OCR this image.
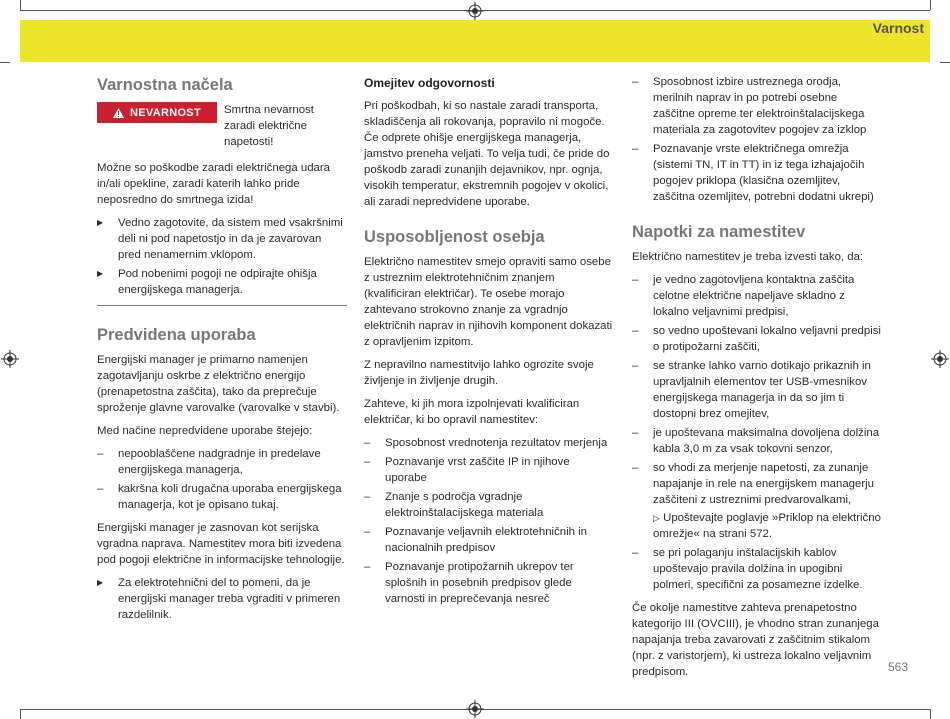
Varnost
Varnostna načela
NEVARNOST Smrtna nevarnost zaradi električne napetosti!

Možne so poškodbe zaradi električnega udara in/ali opekline, zaradi katerih lahko pride neposredno do smrtnega izida!

▶	Vedno zagotovite, da sistem med vsakršnimi deli ni pod napetostjo in da je zavarovan pred nenamernim vklopom.
▶	Pod nobenimi pogoji ne odpirajte ohišja energijskega managerja.
Predvidena uporaba

Energijski manager je primarno namenjen zagotavljanju oskrbe z električno energijo (prenapetostna zaščita), tako da preprečuje sproženje glavne varovalke (varovalke v stavbi).

Med načine nepredvidene uporabe štejejo:

–	nepooblaščene nadgradnje in predelave energijskega managerja,
–	kakršna koli drugačna uporaba energijskega managerja, kot je opisano tukaj.

Energijski manager je zasnovan kot serijska vgradna naprava. Namestitev mora biti izvedena pod pogoji električne in informacijske tehnologije.

▶	Za elektrotehnični del to pomeni, da je energijski manager treba vgraditi v primeren razdelilnik.
Omejitev odgovornosti

Pri poškodbah, ki so nastale zaradi transporta, skladiščenja ali rokovanja, popravilo ni mogoče. Če odprete ohišje energijskega managerja, jamstvo preneha veljati. To velja tudi, če pride do poškodb zaradi zunanjih dejavnikov, npr. ognja, visokih temperatur, ekstremnih pogojev v okolici, ali zaradi nepredvidene uporabe.

Usposobljenost osebja

Električno namestitev smejo opraviti samo osebe z ustreznim elektrotehničnim znanjem (kvalificiran električar). Te osebe morajo zahtevano strokovno znanje za vgradnjo električnih naprav in njihovih komponent dokazati z opravljenim izpitom.

Z nepravilno namestitvijo lahko ogrozite svoje življenje in življenje drugih.

Zahteve, ki jih mora izpolnjevati kvalificiran električar, ki bo opravil namestitev:

–	Sposobnost vrednotenja rezultatov merjenja
–	Poznavanje vrst zaščite IP in njihove uporabe
–	Znanje s področja vgradnje elektroinštalacijskega materiala
–	Poznavanje veljavnih elektrotehničnih in nacionalnih predpisov
–	Poznavanje protipožarnih ukrepov ter splošnih in posebnih predpisov glede varnosti in preprečevanja nesreč
–	Sposobnost izbire ustreznega orodja, merilnih naprav in po potrebi osebne zaščitne opreme ter elektroinštalacijskega materiala za zagotovitev pogojev za izklop
–	Poznavanje vrste električnega omrežja (sistemi TN, IT in TT) in iz tega izhajajočih pogojev priklopa (klasična ozemljitev, zaščitna ozemljitev, potrebni dodatni ukrepi)
Napotki za namestitev

Električno namestitev je treba izvesti tako, da:

–	je vedno zagotovljena kontaktna zaščita celotne električne napeljave skladno z lokalno veljavnimi predpisi,
–	so vedno upoštevani lokalno veljavni predpisi o protipožarni zaščiti,
–	se stranke lahko varno dotikajo prikaznih in upravljalnih elementov ter USB-vmesnikov energijskega managerja in da so jim ti dostopni brez omejitev,
–	je upoštevana maksimalna dovoljena dolžina kabla 3,0 m za vsak tokovni senzor,
–	so vhodi za merjenje napetosti, za zunanje napajanje in rele na energijskem managerju zaščiteni z ustreznimi predvarovalkami,
▷ Upoštevajte poglavje »Priklop na električno omrežje« na strani 572.
–	se pri polaganju inštalacijskih kablov upoštevajo pravila dolžina in upogibni polmeri, specifični za posamezne izdelke.

Če okolje namestitve zahteva prenapetostno kategorijo III (OVCIII), je vhodno stran zunanjega napajanja treba zavarovati z zaščitnim stikalom (npr. z varistorjem), ki ustreza lokalno veljavnim predpisom.	563
